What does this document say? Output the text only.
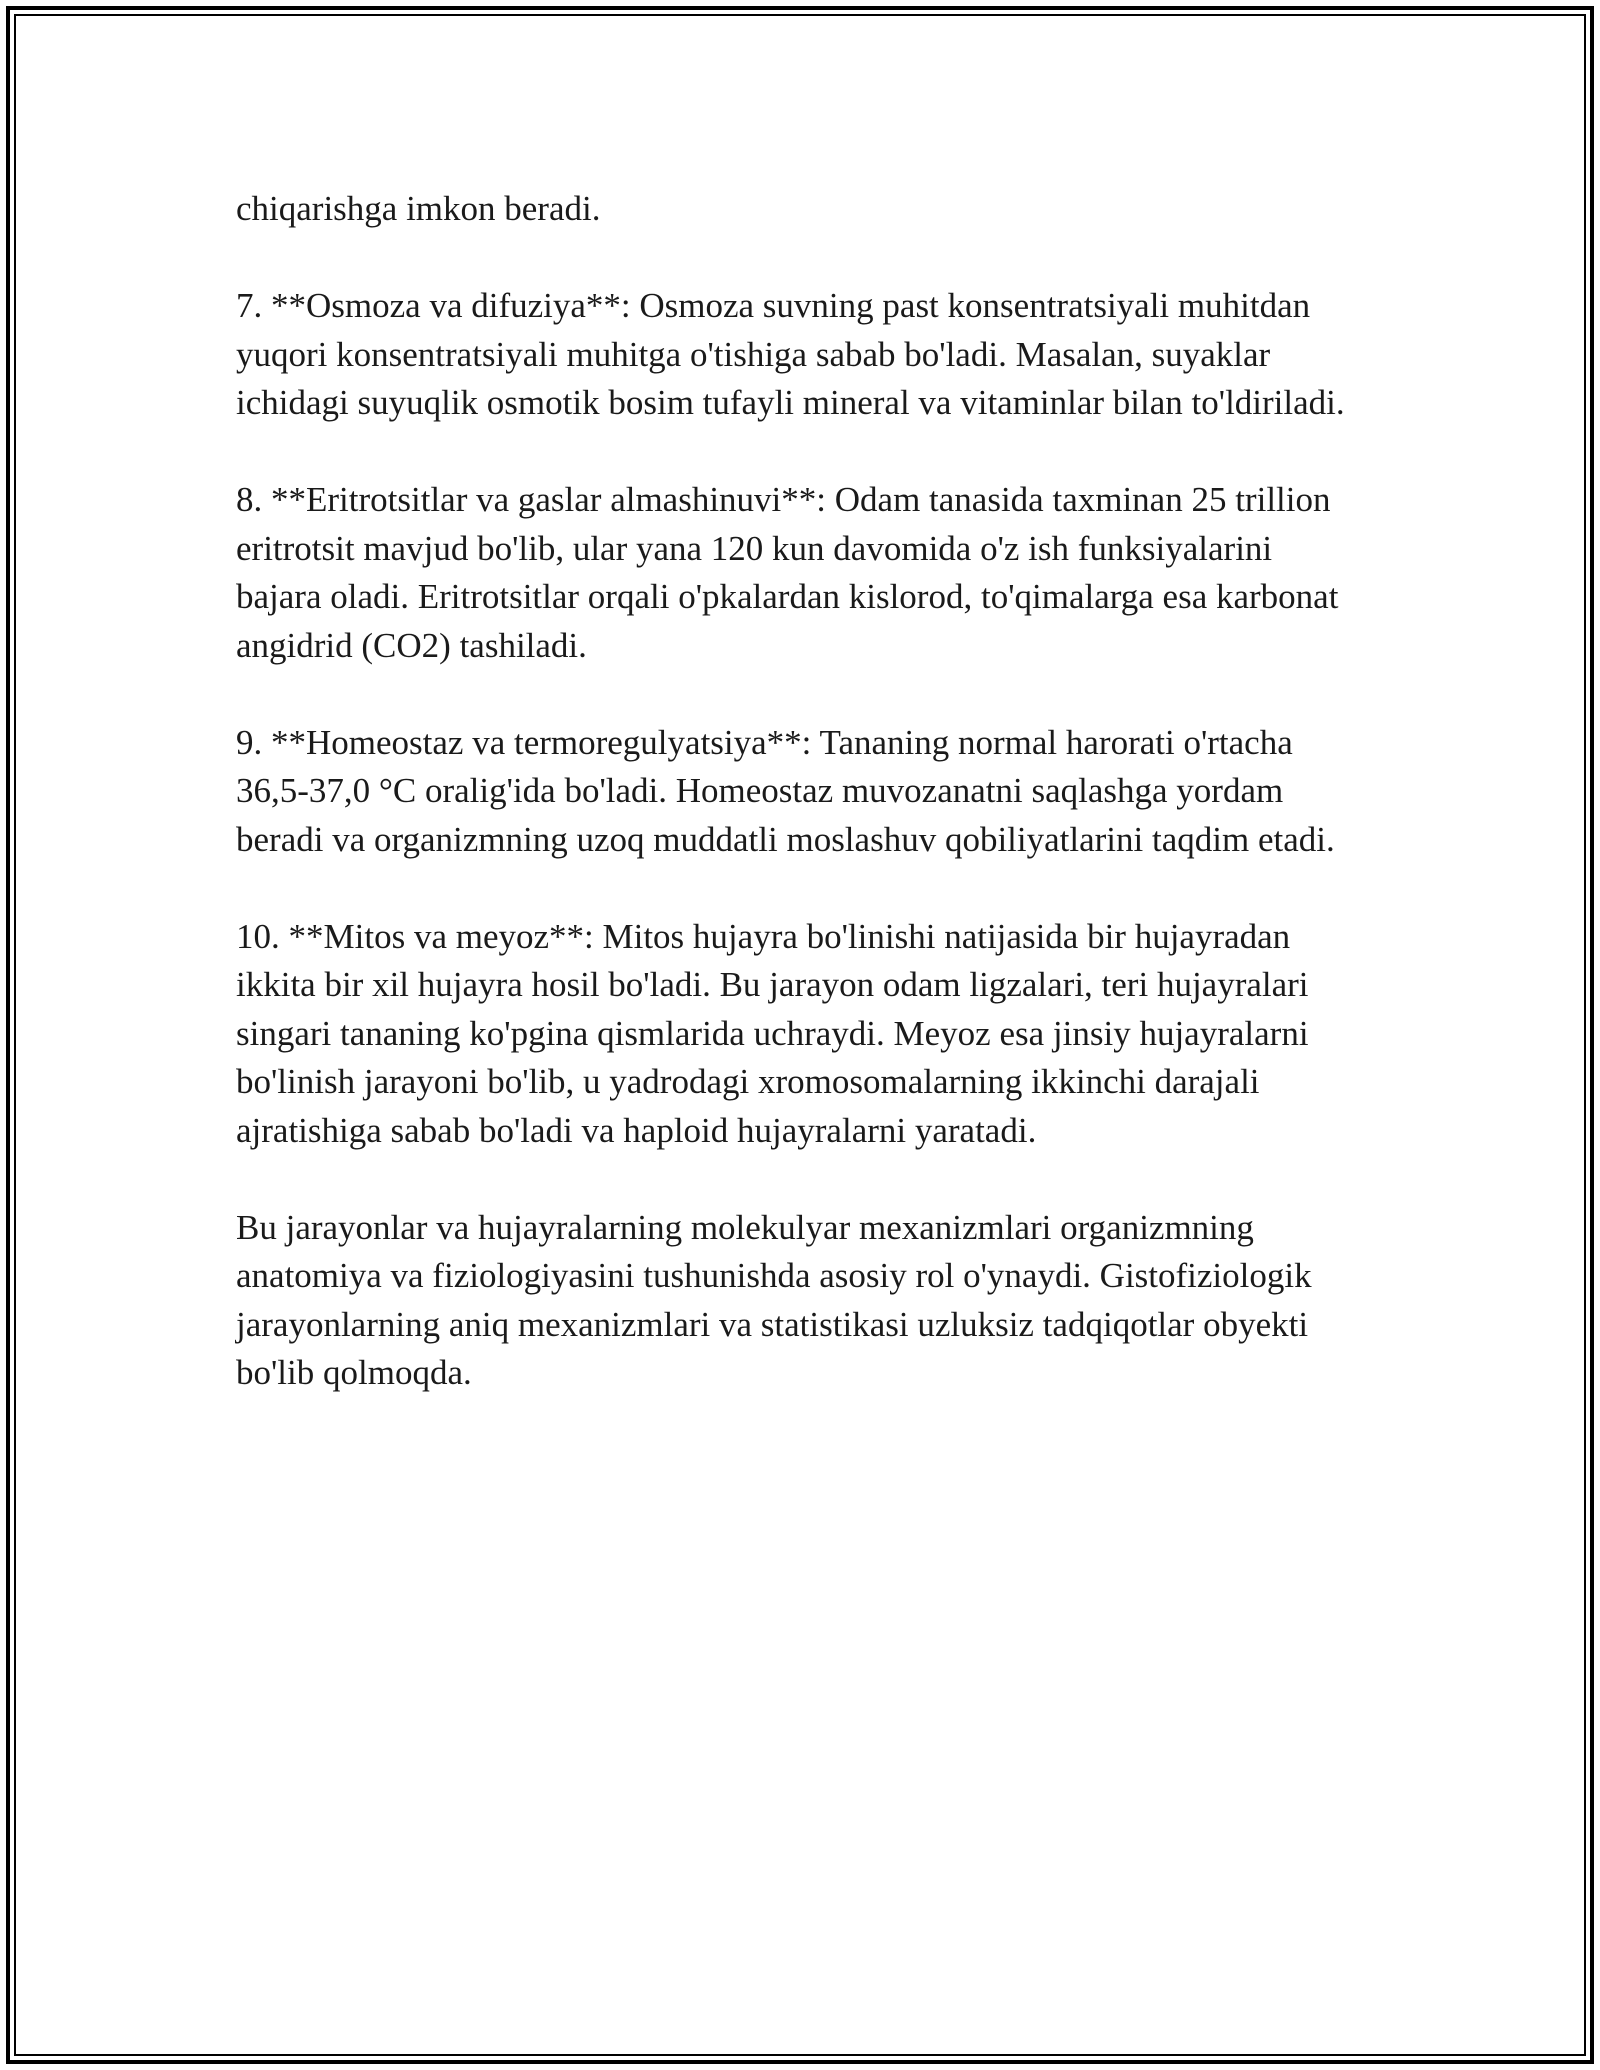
chiqarishga imkon beradi.

7. **Osmoza va difuziya**: Osmoza suvning past konsentratsiyali muhitdan yuqori konsentratsiyali muhitga o'tishiga sabab bo'ladi. Masalan, suyaklar ichidagi suyuqlik osmotik bosim tufayli mineral va vitaminlar bilan to'ldiriladi.

8. **Eritrotsitlar va gaslar almashinuvi**: Odam tanasida taxminan 25 trillion eritrotsit mavjud bo'lib, ular yana 120 kun davomida o'z ish funksiyalarini bajara oladi. Eritrotsitlar orqali o'pkalardan kislorod, to'qimalarga esa karbonat angidrid (CO2) tashiladi.

9. **Homeostaz va termoregulyatsiya**: Tananing normal harorati o'rtacha 36,5-37,0 °C oralig'ida bo'ladi. Homeostaz muvozanatni saqlashga yordam beradi va organizmning uzoq muddatli moslashuv qobiliyatlarini taqdim etadi.

10. **Mitos va meyoz**: Mitos hujayra bo'linishi natijasida bir hujayradan ikkita bir xil hujayra hosil bo'ladi. Bu jarayon odam ligzalari, teri hujayralari singari tananing ko'pgina qismlarida uchraydi. Meyoz esa jinsiy hujayralarni bo'linish jarayoni bo'lib, u yadrodagi xromosomalarning ikkinchi darajali ajratishiga sabab bo'ladi va haploid hujayralarni yaratadi.

Bu jarayonlar va hujayralarning molekulyar mexanizmlari organizmning anatomiya va fiziologiyasini tushunishda asosiy rol o'ynaydi. Gistofiziologik jarayonlarning aniq mexanizmlari va statistikasi uzluksiz tadqiqotlar obyekti bo'lib qolmoqda.
